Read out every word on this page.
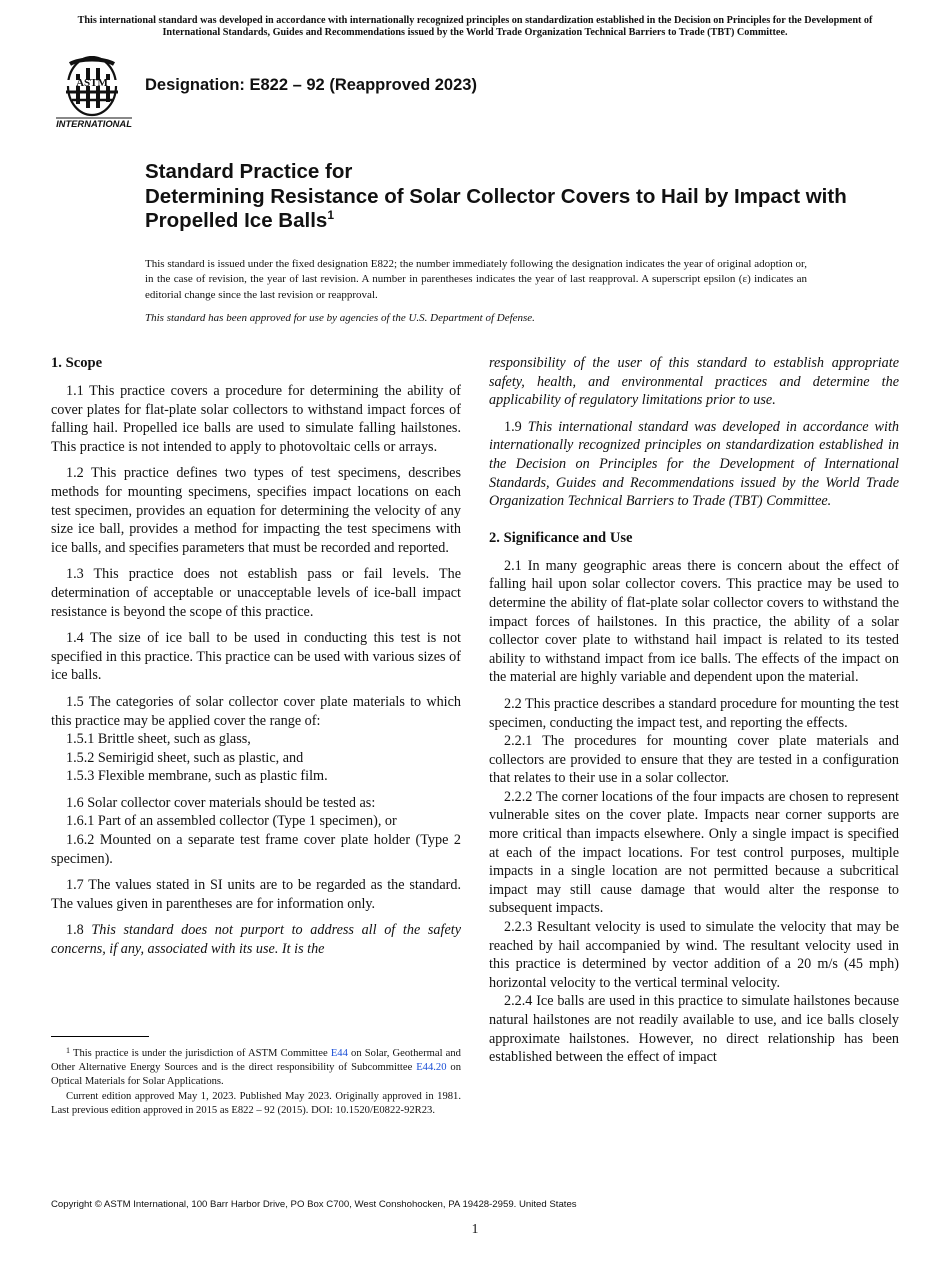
This international standard was developed in accordance with internationally recognized principles on standardization established in the Decision on Principles for the Development of International Standards, Guides and Recommendations issued by the World Trade Organization Technical Barriers to Trade (TBT) Committee.
ASTM
INTERNATIONAL
Designation: E822 – 92 (Reapproved 2023)
Standard Practice for
Determining Resistance of Solar Collector Covers to Hail by Impact with Propelled Ice Balls$^1$
This standard is issued under the fixed designation E822; the number immediately following the designation indicates the year of original adoption or, in the case of revision, the year of last revision. A number in parentheses indicates the year of last reapproval. A superscript epsilon (ε) indicates an editorial change since the last revision or reapproval.
This standard has been approved for use by agencies of the U.S. Department of Defense.
1. Scope

1.1 This practice covers a procedure for determining the ability of cover plates for flat-plate solar collectors to withstand impact forces of falling hail. Propelled ice balls are used to simulate falling hailstones. This practice is not intended to apply to photovoltaic cells or arrays.

1.2 This practice defines two types of test specimens, describes methods for mounting specimens, specifies impact locations on each test specimen, provides an equation for determining the velocity of any size ice ball, provides a method for impacting the test specimens with ice balls, and specifies parameters that must be recorded and reported.

1.3 This practice does not establish pass or fail levels. The determination of acceptable or unacceptable levels of ice-ball impact resistance is beyond the scope of this practice.

1.4 The size of ice ball to be used in conducting this test is not specified in this practice. This practice can be used with various sizes of ice balls.

1.5 The categories of solar collector cover plate materials to which this practice may be applied cover the range of:

1.5.1 Brittle sheet, such as glass,

1.5.2 Semirigid sheet, such as plastic, and

1.5.3 Flexible membrane, such as plastic film.

1.6 Solar collector cover materials should be tested as:

1.6.1 Part of an assembled collector (Type 1 specimen), or

1.6.2 Mounted on a separate test frame cover plate holder (Type 2 specimen).

1.7 The values stated in SI units are to be regarded as the standard. The values given in parentheses are for information only.

1.8 This standard does not purport to address all of the safety concerns, if any, associated with its use. It is the

responsibility of the user of this standard to establish appropriate safety, health, and environmental practices and determine the applicability of regulatory limitations prior to use.

1.9 This international standard was developed in accordance with internationally recognized principles on standardization established in the Decision on Principles for the Development of International Standards, Guides and Recommendations issued by the World Trade Organization Technical Barriers to Trade (TBT) Committee.

2. Significance and Use

2.1 In many geographic areas there is concern about the effect of falling hail upon solar collector covers. This practice may be used to determine the ability of flat-plate solar collector covers to withstand the impact forces of hailstones. In this practice, the ability of a solar collector cover plate to withstand hail impact is related to its tested ability to withstand impact from ice balls. The effects of the impact on the material are highly variable and dependent upon the material.

2.2 This practice describes a standard procedure for mounting the test specimen, conducting the impact test, and reporting the effects.

2.2.1 The procedures for mounting cover plate materials and collectors are provided to ensure that they are tested in a configuration that relates to their use in a solar collector.

2.2.2 The corner locations of the four impacts are chosen to represent vulnerable sites on the cover plate. Impacts near corner supports are more critical than impacts elsewhere. Only a single impact is specified at each of the impact locations. For test control purposes, multiple impacts in a single location are not permitted because a subcritical impact may still cause damage that would alter the response to subsequent impacts.

2.2.3 Resultant velocity is used to simulate the velocity that may be reached by hail accompanied by wind. The resultant velocity used in this practice is determined by vector addition of a 20 m/s (45 mph) horizontal velocity to the vertical terminal velocity.

2.2.4 Ice balls are used in this practice to simulate hailstones because natural hailstones are not readily available to use, and ice balls closely approximate hailstones. However, no direct relationship has been established between the effect of impact

$^1$ This practice is under the jurisdiction of ASTM Committee E44 on Solar, Geothermal and Other Alternative Energy Sources and is the direct responsibility of Subcommittee E44.20 on Optical Materials for Solar Applications.

Current edition approved May 1, 2023. Published May 2023. Originally approved in 1981. Last previous edition approved in 2015 as E822 – 92 (2015). DOI: 10.1520/E0822-92R23.

Copyright © ASTM International, 100 Barr Harbor Drive, PO Box C700, West Conshohocken, PA 19428-2959. United States
1
